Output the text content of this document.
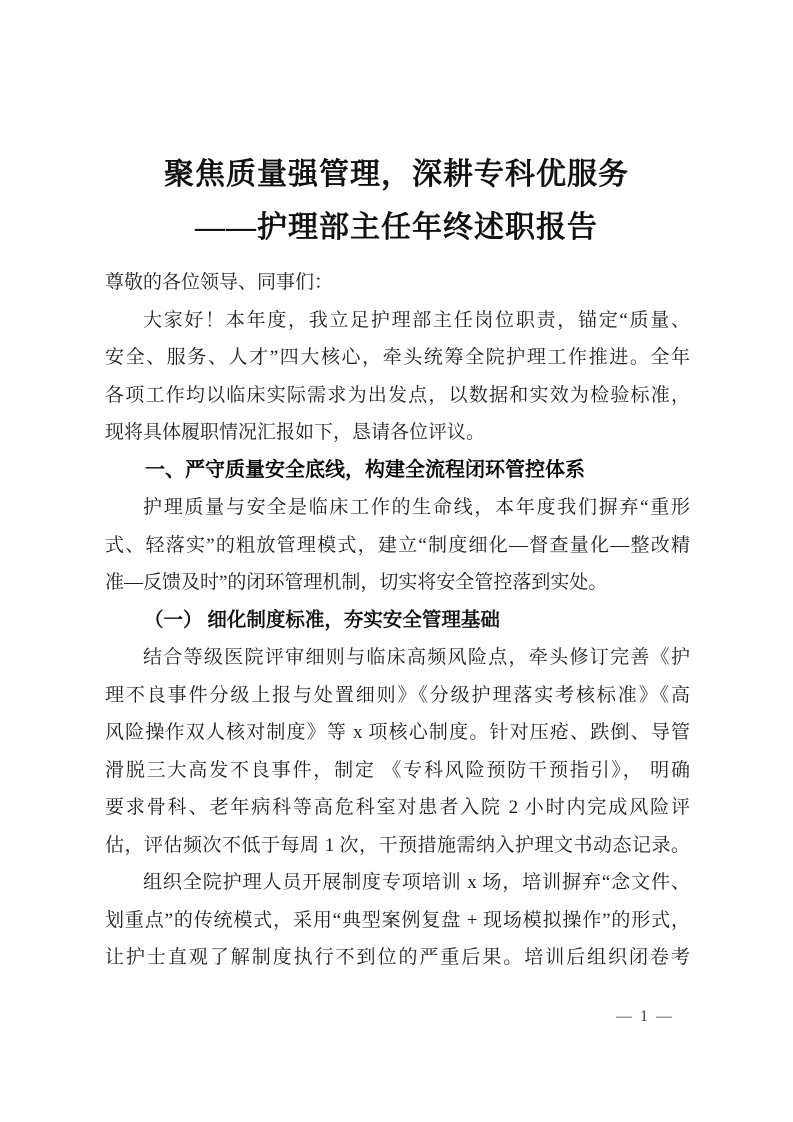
聚焦质量强管理，深耕专科优服务
——护理部主任年终述职报告
尊敬的各位领导、同事们：
大家好！本年度，我立足护理部主任岗位职责，锚定“质量、
安全、服务、人才”四大核心，牵头统筹全院护理工作推进。全年
各项工作均以临床实际需求为出发点，以数据和实效为检验标准，
现将具体履职情况汇报如下，恳请各位评议。
一、严守质量安全底线，构建全流程闭环管控体系
护理质量与安全是临床工作的生命线，本年度我们摒弃“重形
式、轻落实”的粗放管理模式，建立“制度细化—督查量化—整改精
准—反馈及时”的闭环管理机制，切实将安全管控落到实处。
（一） 细化制度标准，夯实安全管理基础
结合等级医院评审细则与临床高频风险点，牵头修订完善《护
理不良事件分级上报与处置细则》《分级护理落实考核标准》《高
风险操作双人核对制度》等 x 项核心制度。针对压疮、跌倒、导管
滑脱三大高发不良事件，制定 《专科风险预防干预指引》， 明确
要求骨科、老年病科等高危科室对患者入院 2 小时内完成风险评
估，评估频次不低于每周 1 次，干预措施需纳入护理文书动态记录。
组织全院护理人员开展制度专项培训 x 场，培训摒弃“念文件、
划重点”的传统模式，采用“典型案例复盘 + 现场模拟操作”的形式，
让护士直观了解制度执行不到位的严重后果。培训后组织闭卷考
— 1 —
